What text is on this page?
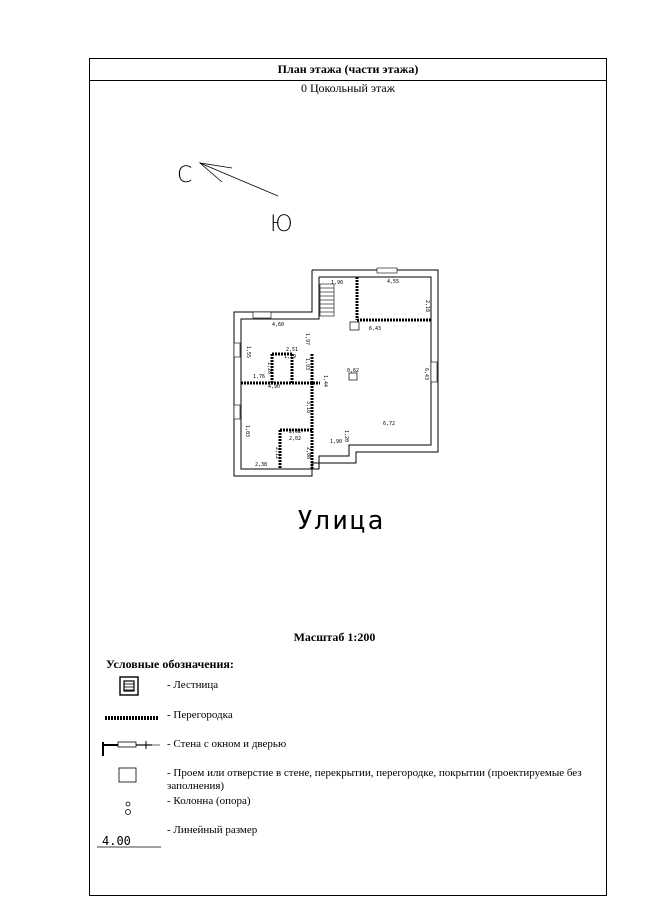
План этажа (части этажа)
0 Цокольный этаж
С
Ю
1,90	4,55
2,18
4,60
1,97
6,43
2,51
1,29
1,55
1,93
1,26
1,76
4,90
0,62
1,44
6,43
3,18
6,72
1,90 1,20
2,02
2,02
1,03
2,12
2,38
2,08
4.00
Улица
Масштаб 1:200
Условные обозначения:
- Лестница
- Перегородка
- Стена с окном и дверью
- Проем или отверстие в стене, перекрытии, перегородке, покрытии (проектируемые без заполнения)
- Колонна (опора)
- Линейный размер
